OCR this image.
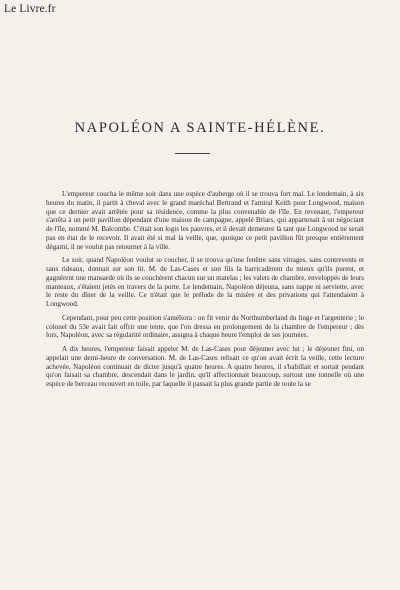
Le Livre.fr
NAPOLÉON A SAINTE-HÉLÈNE.

L'empereur coucha le même soir dans une espèce d'auberge où il se trouva fort mal. Le lendemain, à six heures du matin, il partit à cheval avec le grand maréchal Bertrand et l'amiral Keith pour Longwood, maison que ce dernier avait arrêtée pour sa résidence, comme la plus convenable de l'île. En revenant, l'empereur s'arrêta à un petit pavillon dépendant d'une maison de campagne, appelé Briars, qui appartenait à un négociant de l'île, nommé M. Balcombe. C'était son logis les pauvres, et il devait demeurer là tant que Longwood ne serait pas en état de le recevoir. Il avait été si mal la veille, que, quoique ce petit pavillon fût presque entièrement dégarni, il ne voulut pas retourner à la ville.

Le soir, quand Napoléon voulut se coucher, il se trouva qu'une fenêtre sans vitrages, sans contrevents et sans rideaux, donnait sur son lit. M. de Las-Cases et son fils la barricadèrent du mieux qu'ils purent, et gagnèrent une mansarde où ils se couchèrent chacun sur un matelas ; les valets de chambre, enveloppés de leurs manteaux, s'étaient jetés en travers de la porte. Le lendemain, Napoléon déjeuna, sans nappe ni serviette, avec le reste du dîner de la veille. Ce n'était que le prélude de la misère et des privations qui l'attendaient à Longwood.

Cependant, pour peu cette position s'améliora : on fit venir du Northumberland du linge et l'argenterie ; le colonel du 53e avait fait offrir une tente, que l'on dressa en prolongement de la chambre de l'empereur ; dès lors, Napoléon, avec sa régularité ordinaire, assigna à chaque heure l'emploi de ses journées.

A dix heures, l'empereur faisait appeler M. de Las-Cases pour déjeuner avec lui ; le déjeuner fini, on appelait une demi-heure de conversation. M. de Las-Cases relisait ce qu'on avait écrit la veille, cette lecture achevée, Napoléon continuait de dicter jusqu'à quatre heures. A quatre heures, il s'habillait et sortait pendant qu'on faisait sa chambre, descendait dans le jardin, qu'il affectionnait beaucoup, surtout une tonnelle où une espèce de berceau recouvert en toile, par laquelle il passait la plus grande partie de toute la se
